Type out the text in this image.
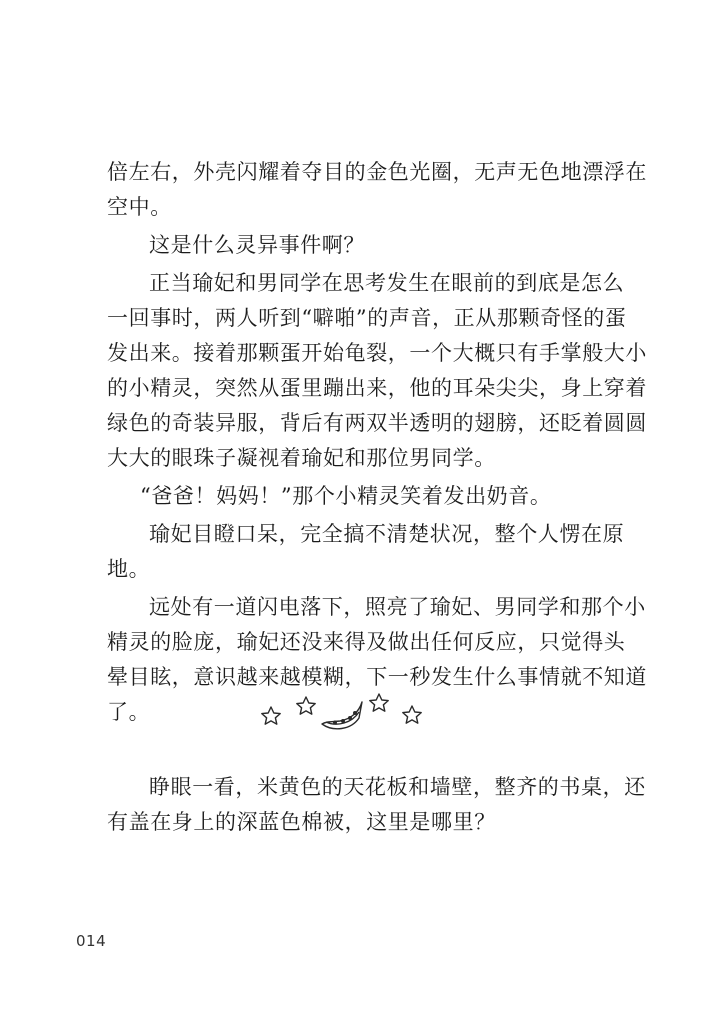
倍左右，外壳闪耀着夺目的金色光圈，无声无色地漂浮在
空中。
这是什么灵异事件啊？
正当瑜妃和男同学在思考发生在眼前的到底是怎么
一回事时，两人听到“噼啪”的声音，正从那颗奇怪的蛋
发出来。接着那颗蛋开始龟裂，一个大概只有手掌般大小
的小精灵，突然从蛋里蹦出来，他的耳朵尖尖，身上穿着
绿色的奇装异服，背后有两双半透明的翅膀，还眨着圆圆
大大的眼珠子凝视着瑜妃和那位男同学。
“爸爸！妈妈！”那个小精灵笑着发出奶音。
瑜妃目瞪口呆，完全搞不清楚状况，整个人愣在原
地。
远处有一道闪电落下，照亮了瑜妃、男同学和那个小
精灵的脸庞，瑜妃还没来得及做出任何反应，只觉得头
晕目眩，意识越来越模糊，下一秒发生什么事情就不知道
了。
睁眼一看，米黄色的天花板和墙壁，整齐的书桌，还
有盖在身上的深蓝色棉被，这里是哪里？
014
